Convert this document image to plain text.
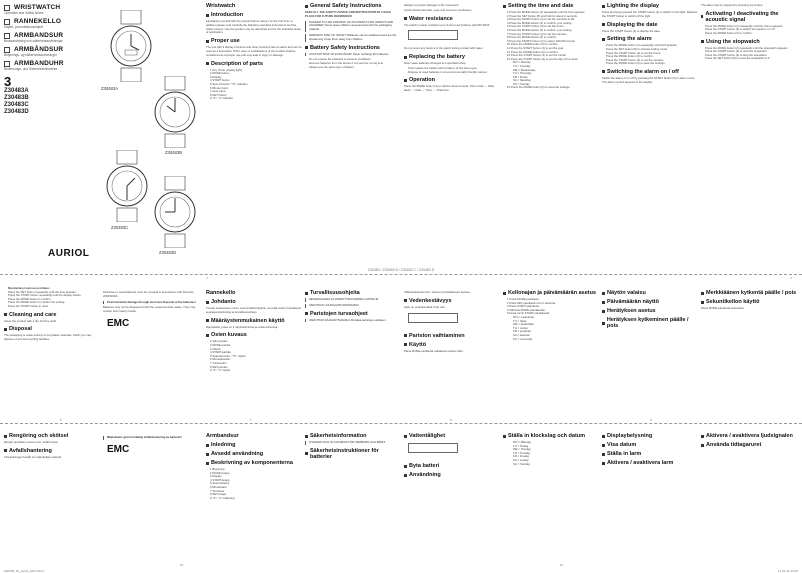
WRISTWATCH
Operation and Safety Notes
RANNEKELLO
Käyttö- ja turvallisuusohjeet
ARMBANDSUR
Bruksanvisning och säkerhetsanvisningar
ARMBÅNDSUR
Betjenings- og sikkerhedsanvisninger
ARMBANDUHR
Bedienungs- und Sicherheitshinweise
3
Z30483A
Z30483B
Z30483C
Z30483D
Z30483A
Z30483B
Z30483C
Z30483D
AURIOL
Wristwatch
Introduction
Familiarise yourself with the product before using it for the first time. In addition please read carefully the following operating instructions and the safety notices. Use the product only as described and for the indicated areas of application.
Proper use
The unit with 9 display functions and other functions has an alarm and can be used as a stopwatch. Other uses or modifications of the product shall be considered as improper use and may lead to injury or damage.
Description of parts
1 Key (Time, display light)
2 MODE button
3 Display
4 START button
5 Second hand / "Tri" indicator
6 Minute hand
7 Hour hand
8 SET button
9 "4" / "2" indicator
General Safety Instructions
KEEP ALL THE SAFETY ADVICE AND INSTRUCTIONS IN A SAFE PLACE FOR FUTURE REFERENCE!
DANGER TO LIFE AND RISK OF ACCIDENTS FOR INFANTS AND CHILDREN! Never leave children unsupervised with the packaging material.
WARNING! RISK OF INJURY! Batteries can be swallowed and are life-threatening. Keep them away from children.
Battery Safety Instructions
CAUTION! RISK OF EXPLOSION! Never recharge the batteries.
Do not expose the batteries to extreme conditions.
Remove batteries from the device if not used for a long time.
Always use the same type of battery.
display to prevent damage to the movement.
Avoid contact with skin, eyes and mucous membranes.
Water resistance
The watch is water resistant up to 3 bar in accordance with DIN 8310.
Do not press any buttons of the watch during contact with water.
Replacing the battery
Note: Have batteries changed at a specialist shop.
Only replace the battery with a battery of the same type.
Dispose of used batteries in an environmentally friendly manner.
Operation
Press the MODE button (2) to call the desired mode: Time mode → Daily alarm → Date → Timer → Dual time.
Setting the time and date
1 Press the MODE button (2) repeatedly until the time appears.
2 Press the SET button (8) and hold for about 2 seconds.
3 Press the START button (4) to set the seconds to 00.
4 Press the MODE button (2) to confirm your setting.
5 Press the START button (4) to set the hours.
6 Press the MODE button (2) to confirm your setting.
7 Press the START button (4) to set the minutes.
8 Press the MODE button (2) to confirm.
9 Press the START button (4) to select 12h/24h format.
10 Press the MODE button (2) to confirm.
11 Press the START button (4) to set the year.
12 Press the MODE button (2) to confirm.
13 Press the START button (4) to set the month.
14 Press the START button (4) to set the day of the week.
MO = Monday
TU = Tuesday
WE = Wednesday
TH = Thursday
FR = Friday
SA = Saturday
SU = Sunday
15 Press the MODE button (2) to save the settings.
Lighting the display
Press and keep pressed the START button (4) to switch on the light. Release the START button to switch off the light.
Displaying the date
Press the START button (4) to display the date.
Setting the alarm
Press the MODE button (2) repeatedly until ALM appears.
Press the SET button (8) to activate setting mode.
Press the START button (4) to set the hours.
Press the MODE button (2) to confirm.
Press the START button (4) to set the minutes.
Press the MODE button (2) to save the settings.
Switching the alarm on / off
Switch the alarm on or off by pressing the START button (4) in alarm mode. The alarm symbol appears in the display.
The alarm can be stopped by pressing any button.
Activating / deactivating the acoustic signal
Press the MODE button (2) repeatedly until the chime appears.
Press the START button (4) to switch the signal on or off.
Press the MODE button (2) to confirm.
Using the stopwatch
Press the MODE button (2) repeatedly until the stopwatch appears.
Press the START button (4) to start the stopwatch.
Press the START button (4) to stop the stopwatch.
Press the SET button (8) to reset the stopwatch to 0.
Z30483 / Z30483 B / Z30483 C / Z30483 D
3	4
Muuttaminen ajoissa ja mittaus
Press the SET button repeatedly until the time appears.
Press the START button repeatedly until the display shows.
Press the MODE button to confirm.
Press the MODE button to confirm the setting.
Press the START button to reset.
Cleaning and care
Clean the product with a dry, lint-free cloth.
Disposal
The packaging is made entirely of recyclable materials, which you may dispose of at local recycling facilities.
Defective or used batteries must be recycled in accordance with Directive 2006/66/EC.
Environmental damage through incorrect disposal of the batteries!
Batteries may not be disposed of with the usual domestic waste. They may contain toxic heavy metals.
EMC
Rannekello
Johdanto
Tutustu tuotteeseen ennen ensimmäistä käyttöä. Lue tätä varten huolellisesti seuraava käyttöohje ja turvallisuusohjeet.
Määräystenmukainen käyttö
Rannekello, jossa on 9 näyttötoimintoa ja muita toimintoja.
Osien kuvaus
1 Valo-painike
2 MODE-painike
3 Näyttö
4 START-painike
5 Sekuntiosoitin / "Tri" näyttö
6 Minuuttiosoitin
7 Tuntiosoitin
8 SET-painike
9 "4" / "2" näyttö
Turvallisuusohjeita
HENGENVAARA JA ONNETTOMUUSRISKI LAPSILLE!
VAROITUS! LOUKKAANTUMISVAARA!
Paristojen turvaohjeet
VAROITUS! RÄJÄHDYSVAARA! Älä lataa paristoja uudelleen.
Vältä kosketusta ihon, silmien ja limakalvojen kanssa.
Vedenkestävyys
Kello on vedenkestävä 3 bar asti.
Pariston vaihtaminen
Käyttö
Paina MODE-painiketta valitaksesi halutun tilan.
Kellonajan ja päivämäärän asetus
1 Paina MODE-painiketta.
2 Paina SET-painiketta noin 2 sekuntia.
3 Paina START-painiketta.
4 Vahvista MODE-painikkeella.
5 Aseta tunnit START-painikkeella.
MO = maanantai
TU = tiistai
WE = keskiviikko
TH = torstai
FR = perjantai
SA = lauantai
SU = sunnuntai
Näytön valaisu
Päivämäärän näyttö
Herätyksen asetus
Herätyksen kytkeminen päälle / pois
Merkkiäänen kytkentä päälle / pois
Sekuntikellon käyttö
Paina MODE-painiketta toistuvasti.
6	7	8	9
Rengöring och skötsel
Rengör produkten med en torr, luddfri trasa.
Avfallshantering
Förpackningen består av miljövänliga material.
Miljöskador genom felaktig avfallshantering av batterier!
EMC
Armbandsur
Inledning
Avsedd användning
Beskrivning av komponenterna
1 Belysning
2 MODE-knapp
3 Display
4 START-knapp
5 Sekundvisare
6 Minutvisare
7 Timvisare
8 SET-knapp
9 "4" / "2" indikering
Säkerhetsinformation
LIVSFARA OCH OLYCKSRISK FÖR SMÅBARN OCH BARN!
Säkerhetsinstruktioner för batterier
Vattentålighet
Byta batteri
Användning
Ställa in klockslag och datum
MO = Måndag
TU = Tisdag
WE = Onsdag
TH = Torsdag
FR = Fredag
SA = Lördag
SU = Söndag
Displaybelysning
Visa datum
Ställa in larm
Aktivera / avaktivera larm
Aktivera / avaktivera ljudsignalen
Använda tidtagaruret
10	11
Z30483_ID_Auriol_LB4.indd 3	17.04.12 14:25
